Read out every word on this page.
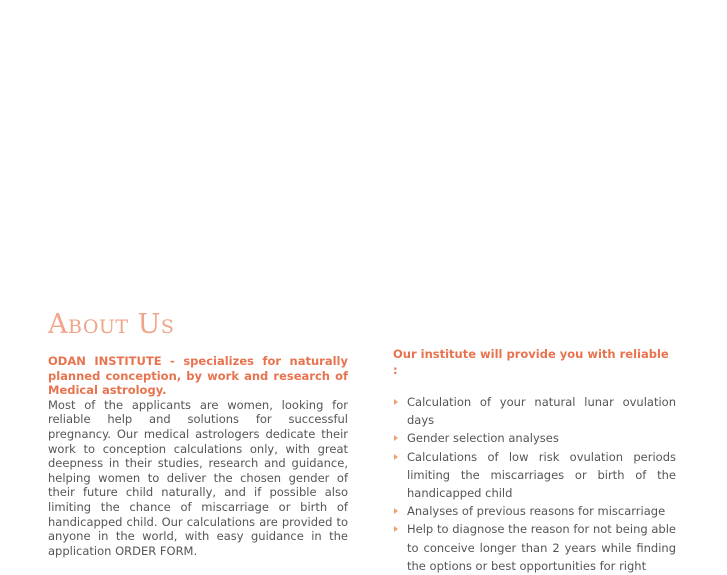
About Us

ODAN INSTITUTE - specializes for naturally planned conception, by work and research of Medical astrology.

Most of the applicants are women, looking for reliable help and solutions for successful pregnancy. Our medical astrologers dedicate their work to conception calculations only, with great deepness in their studies, research and guidance, helping women to deliver the chosen gender of their future child naturally, and if possible also limiting the chance of miscarriage or birth of handicapped child. Our calculations are provided to anyone in the world, with easy guidance in the application ORDER FORM.

Our institute will provide you with reliable :
Calculation of your natural lunar ovulation days
Gender selection analyses
Calculations of low risk ovulation periods limiting the miscarriages or birth of the handicapped child
Analyses of previous reasons for miscarriage
Help to diagnose the reason for not being able to conceive longer than 2 years while finding the options or best opportunities for right
